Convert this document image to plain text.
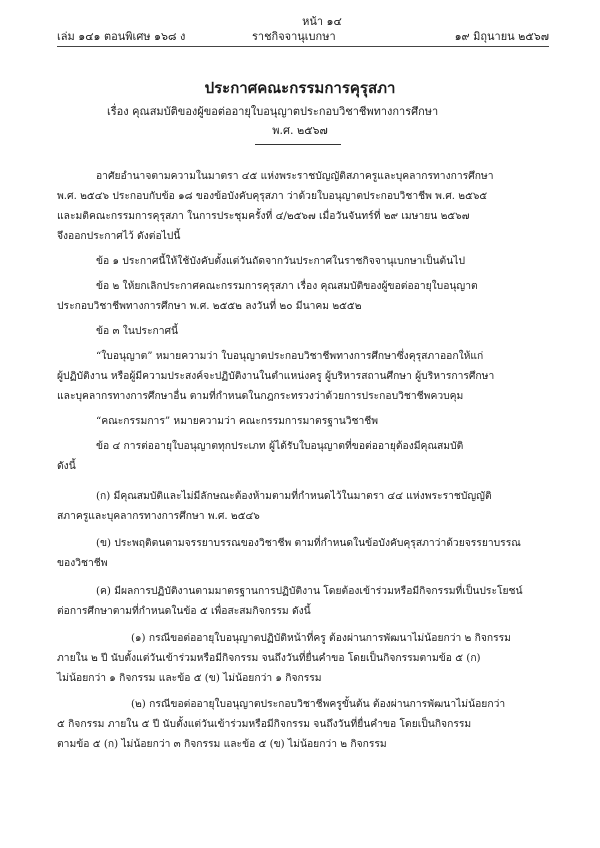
หน้า ๑๔
เล่ม ๑๔๑ ตอนพิเศษ ๑๖๘ ง	ราชกิจจานุเบกษา	๑๙ มิถุนายน ๒๕๖๗
ประกาศคณะกรรมการคุรุสภา
เรื่อง คุณสมบัติของผู้ขอต่ออายุใบอนุญาตประกอบวิชาชีพทางการศึกษา
พ.ศ. ๒๕๖๗
อาศัยอำนาจตามความในมาตรา ๔๕ แห่งพระราชบัญญัติสภาครูและบุคลากรทางการศึกษา
พ.ศ. ๒๕๔๖ ประกอบกับข้อ ๑๘ ของข้อบังคับคุรุสภา ว่าด้วยใบอนุญาตประกอบวิชาชีพ พ.ศ. ๒๕๖๕
และมติคณะกรรมการคุรุสภา ในการประชุมครั้งที่ ๔/๒๕๖๗ เมื่อวันจันทร์ที่ ๒๙ เมษายน ๒๕๖๗
จึงออกประกาศไว้ ดังต่อไปนี้
ข้อ ๑ ประกาศนี้ให้ใช้บังคับตั้งแต่วันถัดจากวันประกาศในราชกิจจานุเบกษาเป็นต้นไป
ข้อ ๒ ให้ยกเลิกประกาศคณะกรรมการคุรุสภา เรื่อง คุณสมบัติของผู้ขอต่ออายุใบอนุญาต
ประกอบวิชาชีพทางการศึกษา พ.ศ. ๒๕๕๒ ลงวันที่ ๒๐ มีนาคม ๒๕๕๒
ข้อ ๓ ในประกาศนี้
“ใบอนุญาต” หมายความว่า ใบอนุญาตประกอบวิชาชีพทางการศึกษาซึ่งคุรุสภาออกให้แก่
ผู้ปฏิบัติงาน หรือผู้มีความประสงค์จะปฏิบัติงานในตำแหน่งครู ผู้บริหารสถานศึกษา ผู้บริหารการศึกษา
และบุคลากรทางการศึกษาอื่น ตามที่กำหนดในกฎกระทรวงว่าด้วยการประกอบวิชาชีพควบคุม
“คณะกรรมการ” หมายความว่า คณะกรรมการมาตรฐานวิชาชีพ
ข้อ ๔ การต่ออายุใบอนุญาตทุกประเภท ผู้ได้รับใบอนุญาตที่ขอต่ออายุต้องมีคุณสมบัติ
ดังนี้
(ก) มีคุณสมบัติและไม่มีลักษณะต้องห้ามตามที่กำหนดไว้ในมาตรา ๔๔ แห่งพระราชบัญญัติ
สภาครูและบุคลากรทางการศึกษา พ.ศ. ๒๕๔๖
(ข) ประพฤติตนตามจรรยาบรรณของวิชาชีพ ตามที่กำหนดในข้อบังคับคุรุสภาว่าด้วยจรรยาบรรณ
ของวิชาชีพ
(ค) มีผลการปฏิบัติงานตามมาตรฐานการปฏิบัติงาน โดยต้องเข้าร่วมหรือมีกิจกรรมที่เป็นประโยชน์
ต่อการศึกษาตามที่กำหนดในข้อ ๕ เพื่อสะสมกิจกรรม ดังนี้
(๑) กรณีขอต่ออายุใบอนุญาตปฏิบัติหน้าที่ครู ต้องผ่านการพัฒนาไม่น้อยกว่า ๒ กิจกรรม
ภายใน ๒ ปี นับตั้งแต่วันเข้าร่วมหรือมีกิจกรรม จนถึงวันที่ยื่นคำขอ โดยเป็นกิจกรรมตามข้อ ๕ (ก)
ไม่น้อยกว่า ๑ กิจกรรม และข้อ ๕ (ข) ไม่น้อยกว่า ๑ กิจกรรม
(๒) กรณีขอต่ออายุใบอนุญาตประกอบวิชาชีพครูขั้นต้น ต้องผ่านการพัฒนาไม่น้อยกว่า
๕ กิจกรรม ภายใน ๕ ปี นับตั้งแต่วันเข้าร่วมหรือมีกิจกรรม จนถึงวันที่ยื่นคำขอ โดยเป็นกิจกรรม
ตามข้อ ๕ (ก) ไม่น้อยกว่า ๓ กิจกรรม และข้อ ๕ (ข) ไม่น้อยกว่า ๒ กิจกรรม
